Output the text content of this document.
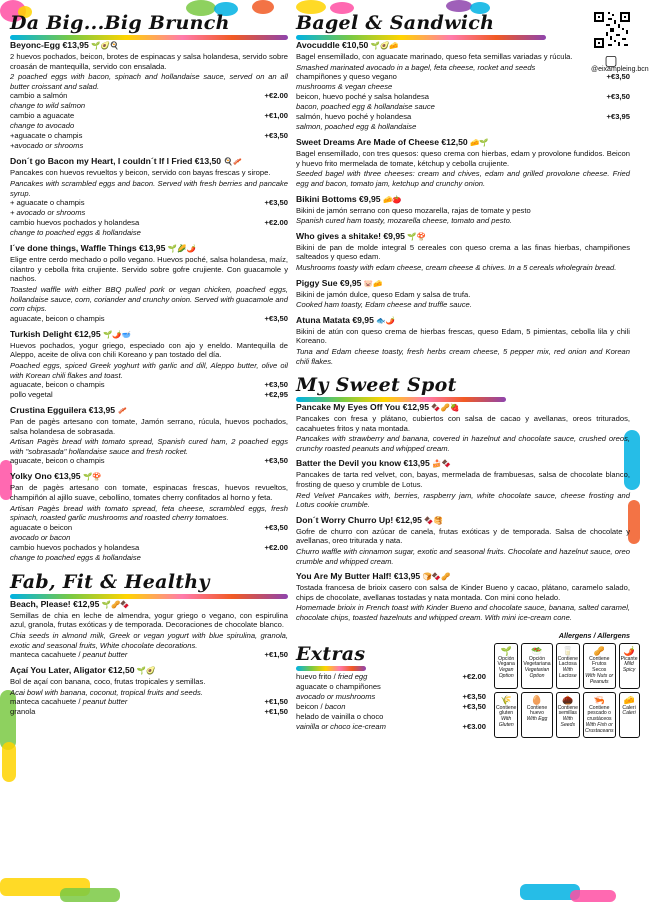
▢
@eixampleing.bcn
Da Big...Big Brunch
Beyonc-Egg €13,95 🌱🥑🍳
2 huevos pochados, beicon, brotes de espinacas y salsa holandesa, servido sobre croasán de mantequilla, servido con ensalada.
2 poached eggs with bacon, spinach and hollandaise sauce, served on an all butter croissant and salad.
cambio a salmón	+€2.00
change to wild salmon
cambio a aguacate	+€1,00
change to avocado
+aguacate o champis	+€3,50
+avocado or shrooms
Don´t go Bacon my Heart, I couldn´t If I Fried €13,50 🍳🥓
Pancakes con huevos revueltos y beicon, servido con bayas frescas y sirope.
Pancakes with scrambled eggs and bacon. Served with fresh berries and pancake syrup.
+ aguacate o champis	+€3,50
+ avocado or shrooms
cambio huevos pochados y holandesa	+€2.00
change to poached eggs & hollandaise
I´ve done things, Waffle Things €13,95 🌱🌽🌶️
Elige entre cerdo mechado o pollo vegano. Huevos poché, salsa holandesa, maíz, cilantro y cebolla frita crujiente. Servido sobre gofre crujiente. Con guacamole y nachos.
Toasted waffle with either BBQ pulled pork or vegan chicken, poached eggs, hollandaise sauce, corn, coriander and crunchy onion. Served with guacamole and corn chips.
aguacate, beicon o champis	+€3,50
Turkish Delight €12,95 🌱🌶️🥣
Huevos pochados, yogur griego, especiado con ajo y eneldo. Mantequilla de Aleppo, aceite de oliva con chili Koreano y pan tostado del día.
Poached eggs, spiced Greek yoghurt with garlic and dill, Aleppo butter, olive oil with Korean chili flakes and toast.
aguacate, beicon o champis	+€3,50
pollo vegetal	+€2,95
Crustina Egguilera €13,95 🥓
Pan de pagès artesano con tomate, Jamón serrano, rúcula, huevos pochados, salsa holandesa de sobrasada.
Artisan Pagès bread with tomato spread, Spanish cured ham, 2 poached eggs with "sobrasada" hollandaise sauce and fresh rocket.
aguacate, beicon o champis	+€3,50
Yolky Ono €13,95 🌱🍄
Pan de pagès artesano con tomate, espinacas frescas, huevos revueltos, champiñón al ajillo suave, cebollino, tomates cherry confitados al horno y feta.
Artisan Pagès bread with tomato spread, feta cheese, scrambled eggs, fresh spinach, roasted garlic mushrooms and roasted cherry tomatoes.
aguacate o beicon	+€3,50
avocado or bacon
cambio huevos pochados y holandesa	+€2.00
change to poached eggs & hollandaise
Fab, Fit & Healthy
Beach, Please! €12,95 🌱🥜🍫
Semillas de chia en leche de almendra, yogur griego o vegano, con espirulina azul, granola, frutas exóticas y de temporada. Decoraciones de chocolate blanco.
Chia seeds in almond milk, Greek or vegan yogurt with blue spirulina, granola, exotic and seasonal fruits, White chocolate decorations.
manteca cacahuete / peanut butter	+€1,50
Açaí You Later, Aligator €12,50 🌱🥑
Bol de açaí con banana, coco, frutas tropicales y semillas.
Acai bowl with banana, coconut, tropical fruits and seeds.
manteca cacahuete / peanut butter	+€1,50
granola	+€1,50
Bagel & Sandwich
Avocuddle €10,50 🌱🥑🧀
Bagel ensemillado, con aguacate marinado, queso feta semillas variadas y rúcula.
Smashed marinated avocado in a bagel, feta cheese, rocket and seeds
champiñones y queso vegano	+€3,50
mushrooms & vegan cheese
beicon, huevo poché y salsa holandesa	+€3,50
bacon, poached egg & hollandaise sauce
salmón, huevo poché y holandesa	+€3,95
salmon, poached egg & hollandaise
Sweet Dreams Are Made of Cheese €12,50 🧀🌱
Bagel ensemillado, con tres quesos: queso crema con hierbas, edam y provolone fundidos. Beicon y huevo frito mermelada de tomate, kétchup y cebolla crujiente.
Seeded bagel with three cheeses: cream and chives, edam and grilled provolone cheese. Fried egg and bacon, tomato jam, ketchup and crunchy onion.
Bikini Bottoms €9,95 🧀🍅
Bikini de jamón serrano con queso mozarella, rajas de tomate y pesto
Spanish cured ham toasty, mozarella cheese, tomato and pesto.
Who gives a shitake! €9,95 🌱🍄
Bikini de pan de molde integral 5 cereales con queso crema a las finas hierbas, champiñones salteados y queso edam.
Mushrooms toasty with edam cheese, cream cheese & chives. In a 5 cereals wholegrain bread.
Piggy Sue €9,95 🐷🧀
Bikini de jamón dulce, queso Edam y salsa de trufa.
Cooked ham toasty, Edam cheese and truffle sauce.
Atuna Matata €9,95 🐟🌶️
Bikini de atún con queso crema de hierbas frescas, queso Edam, 5 pimientas, cebolla lila y chili Koreano.
Tuna and Edam cheese toasty, fresh herbs cream cheese, 5 pepper mix, red onion and Korean chili flakes.
My Sweet Spot
Pancake My Eyes Off You €12,95 🍫🥜🍓
Pancakes con fresa y plátano, cubiertos con salsa de cacao y avellanas, oreos triturados, cacahuetes fritos y nata montada.
Pancakes with strawberry and banana, covered in hazelnut and chocolate sauce, crushed oreos, crunchy roasted peanuts and whipped cream.
Batter the Devil you know €13,95 🍰🍫
Pancakes de tarta red velvet, con, bayas, mermelada de frambuesas, salsa de chocolate blanco, frosting de queso y crumble de Lotus.
Red Velvet Pancakes with, berries, raspberry jam, white chocolate sauce, cheese frosting and Lotus cookie crumble.
Don´t Worry Churro Up! €12,95 🍫🥞
Gofre de churro con azúcar de canela, frutas exóticas y de temporada. Salsa de chocolate y avellanas, oreo triturada y nata.
Churro waffle with cinnamon sugar, exotic and seasonal fruits. Chocolate and hazelnut sauce, oreo crumble and whipped cream.
You Are My Butter Half! €13,95 🍞🍫🥜
Tostada francesa de brioix casero con salsa de Kinder Bueno y cacao, plátano, caramelo salado, chips de chocolate, avellanas tostadas y nata montada. Con mini cono helado.
Homemade brioix in French toast with Kinder Bueno and chocolate sauce, banana, salted caramel, chocolate chips, toasted hazelnuts and whipped cream. With mini ice-cream cone.
Allergens / Allergens
Extras
huevo frito / fried egg	+€2.00
aguacate o champiñones
avocado or mushrooms	+€3,50
beicon / bacon	+€3,50
helado de vainilla o choco
vainilla or choco ice-cream	+€3.00
🌱
Opción Vegana
Vegan Option
🥗
Opción Vegetariana
Vegetarian Option
🥛
Contiene Lactosa
With Lactose
🥜
Contiene Frutos Secos
With Nuts or Peanuts
🌶️
Picante
Mild Spicy
🌾
Contiene gluten
With Gluten
🥚
Contiene huevo
With Egg
🌰
Contiene semillas
With Seeds
🦐
Contiene pescado o crustáceos
With Fish or Crustaceans
🧀
Caleri
Caleri
